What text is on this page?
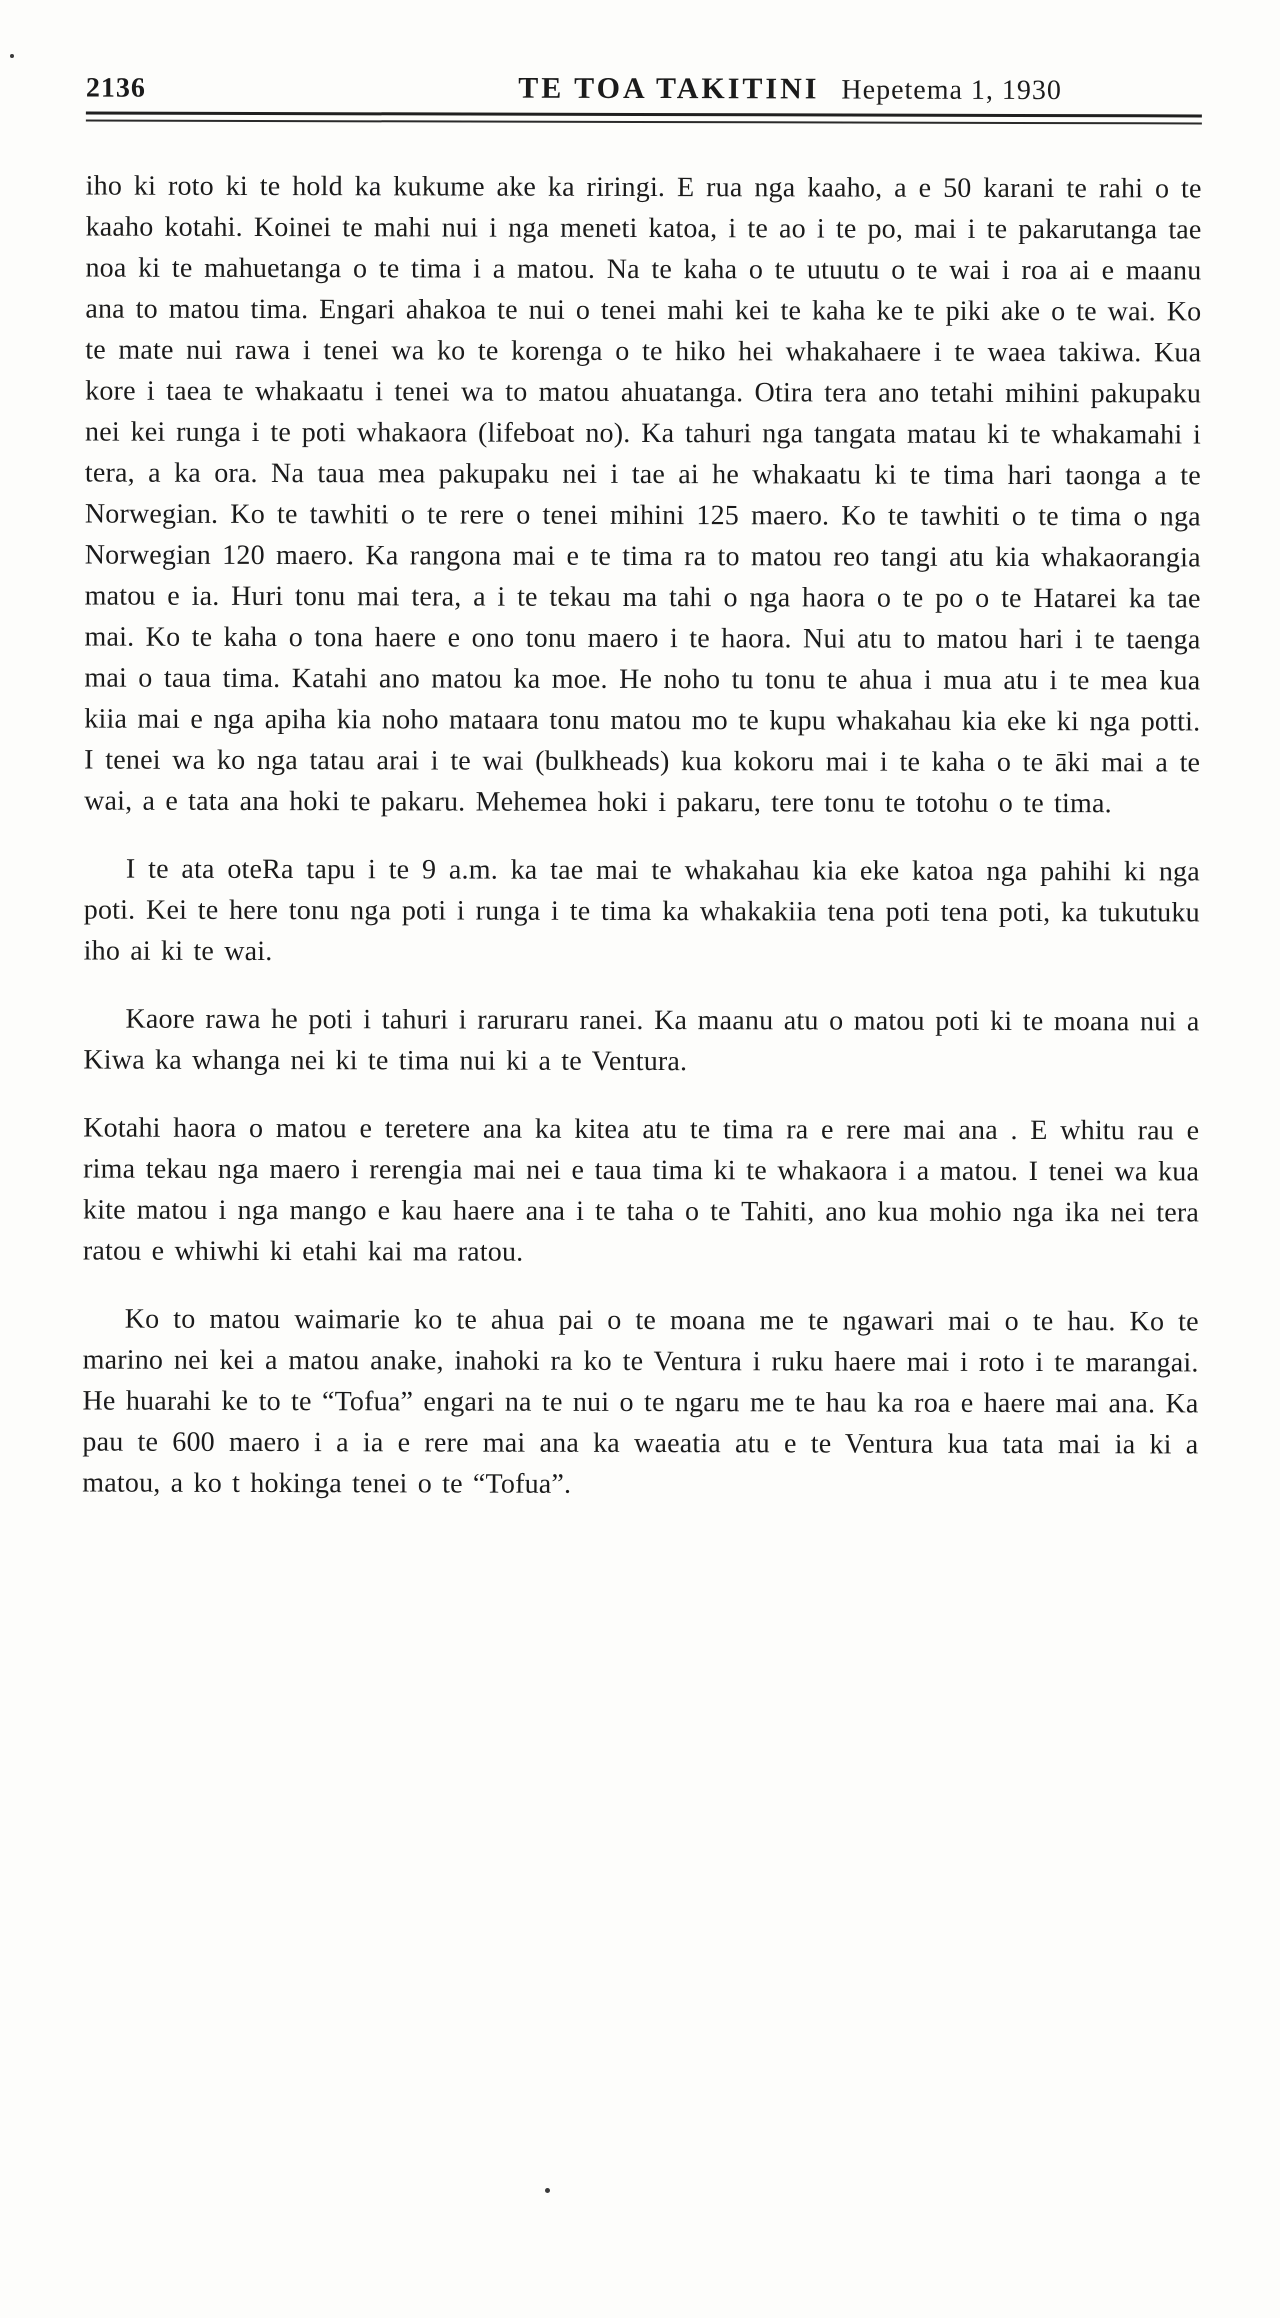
2136	TE TOA TAKITINI Hepetema 1, 1930

iho ki roto ki te hold ka kukume ake ka riringi. E rua nga kaaho, a e 50 karani te rahi o te kaaho kotahi. Koinei te mahi nui i nga meneti katoa, i te ao i te po, mai i te pakarutanga tae noa ki te mahuetanga o te tima i a matou. Na te kaha o te utuutu o te wai i roa ai e maanu ana to matou tima. Engari ahakoa te nui o tenei mahi kei te kaha ke te piki ake o te wai. Ko te mate nui rawa i tenei wa ko te korenga o te hiko hei whakahaere i te waea takiwa. Kua kore i taea te whakaatu i tenei wa to matou ahuatanga. Otira tera ano tetahi mihini pakupaku nei kei runga i te poti whakaora (lifeboat no). Ka tahuri nga tangata matau ki te whakamahi i tera, a ka ora. Na taua mea pakupaku nei i tae ai he whakaatu ki te tima hari taonga a te Norwegian. Ko te tawhiti o te rere o tenei mihini 125 maero. Ko te tawhiti o te tima o nga Norwegian 120 maero. Ka rangona mai e te tima ra to matou reo tangi atu kia whakaorangia matou e ia. Huri tonu mai tera, a i te tekau ma tahi o nga haora o te po o te Hatarei ka tae mai. Ko te kaha o tona haere e ono tonu maero i te haora. Nui atu to matou hari i te taenga mai o taua tima. Katahi ano matou ka moe. He noho tu tonu te ahua i mua atu i te mea kua kiia mai e nga apiha kia noho mataara tonu matou mo te kupu whakahau kia eke ki nga potti. I tenei wa ko nga tatau arai i te wai (bulkheads) kua kokoru mai i te kaha o te āki mai a te wai, a e tata ana hoki te pakaru. Mehemea hoki i pakaru, tere tonu te totohu o te tima.

I te ata oteRa tapu i te 9 a.m. ka tae mai te whakahau kia eke katoa nga pahihi ki nga poti. Kei te here tonu nga poti i runga i te tima ka whakakiia tena poti tena poti, ka tukutuku iho ai ki te wai.

Kaore rawa he poti i tahuri i raruraru ranei. Ka maanu atu o matou poti ki te moana nui a Kiwa ka whanga nei ki te tima nui ki a te Ventura.

Kotahi haora o matou e teretere ana ka kitea atu te tima ra e rere mai ana . E whitu rau e rima tekau nga maero i rerengia mai nei e taua tima ki te whakaora i a matou. I tenei wa kua kite matou i nga mango e kau haere ana i te taha o te Tahiti, ano kua mohio nga ika nei tera ratou e whiwhi ki etahi kai ma ratou.

Ko to matou waimarie ko te ahua pai o te moana me te ngawari mai o te hau. Ko te marino nei kei a matou anake, inahoki ra ko te Ventura i ruku haere mai i roto i te marangai. He huarahi ke to te “Tofua” engari na te nui o te ngaru me te hau ka roa e haere mai ana. Ka pau te 600 maero i a ia e rere mai ana ka waeatia atu e te Ventura kua tata mai ia ki a matou, a ko t hokinga tenei o te “Tofua”.
